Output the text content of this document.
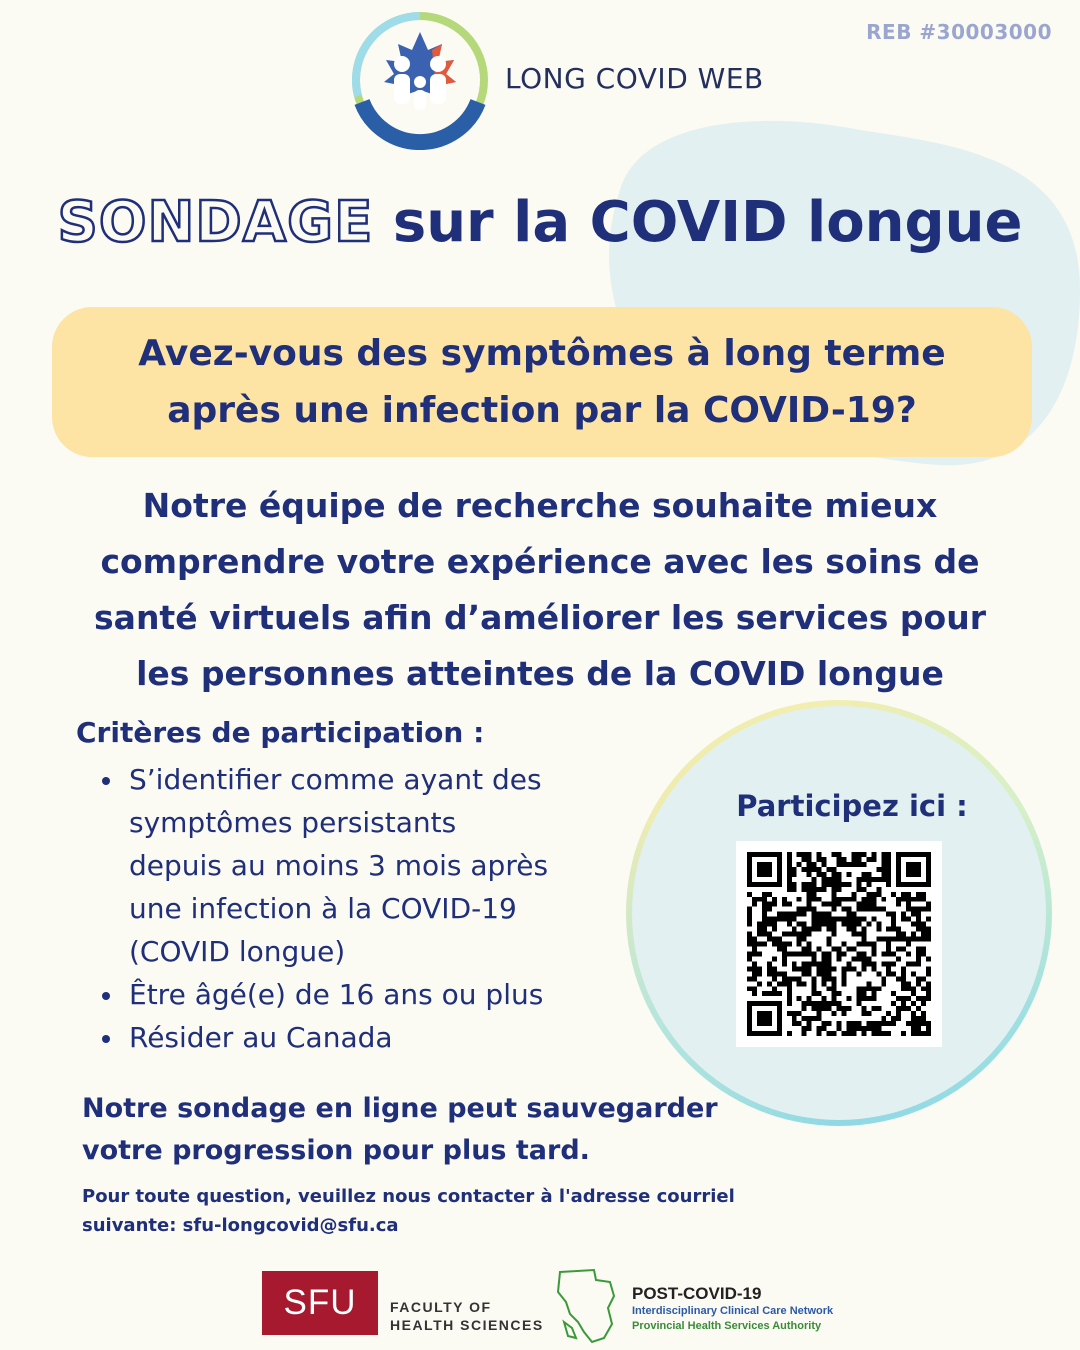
REB #30003000
LONG COVID WEB
SONDAGE sur la COVID longue
Avez-vous des symptômes à long terme
après une infection par la COVID-19?
Notre équipe de recherche souhaite mieux
comprendre votre expérience avec les soins de
santé virtuels afin d’améliorer les services pour
les personnes atteintes de la COVID longue
Critères de participation :
S’identifier comme ayant des
symptômes persistants
depuis au moins 3 mois après
une infection à la COVID-19
(COVID longue)
Être âgé(e) de 16 ans ou plus
Résider au Canada
Participez ici :
Notre sondage en ligne peut sauvegarder
votre progression pour plus tard.
Pour toute question, veuillez nous contacter à l'adresse courriel
suivante: sfu-longcovid@sfu.ca
SFU	FACULTY OF
HEALTH SCIENCES
POST-COVID-19
Interdisciplinary Clinical Care Network
Provincial Health Services Authority
